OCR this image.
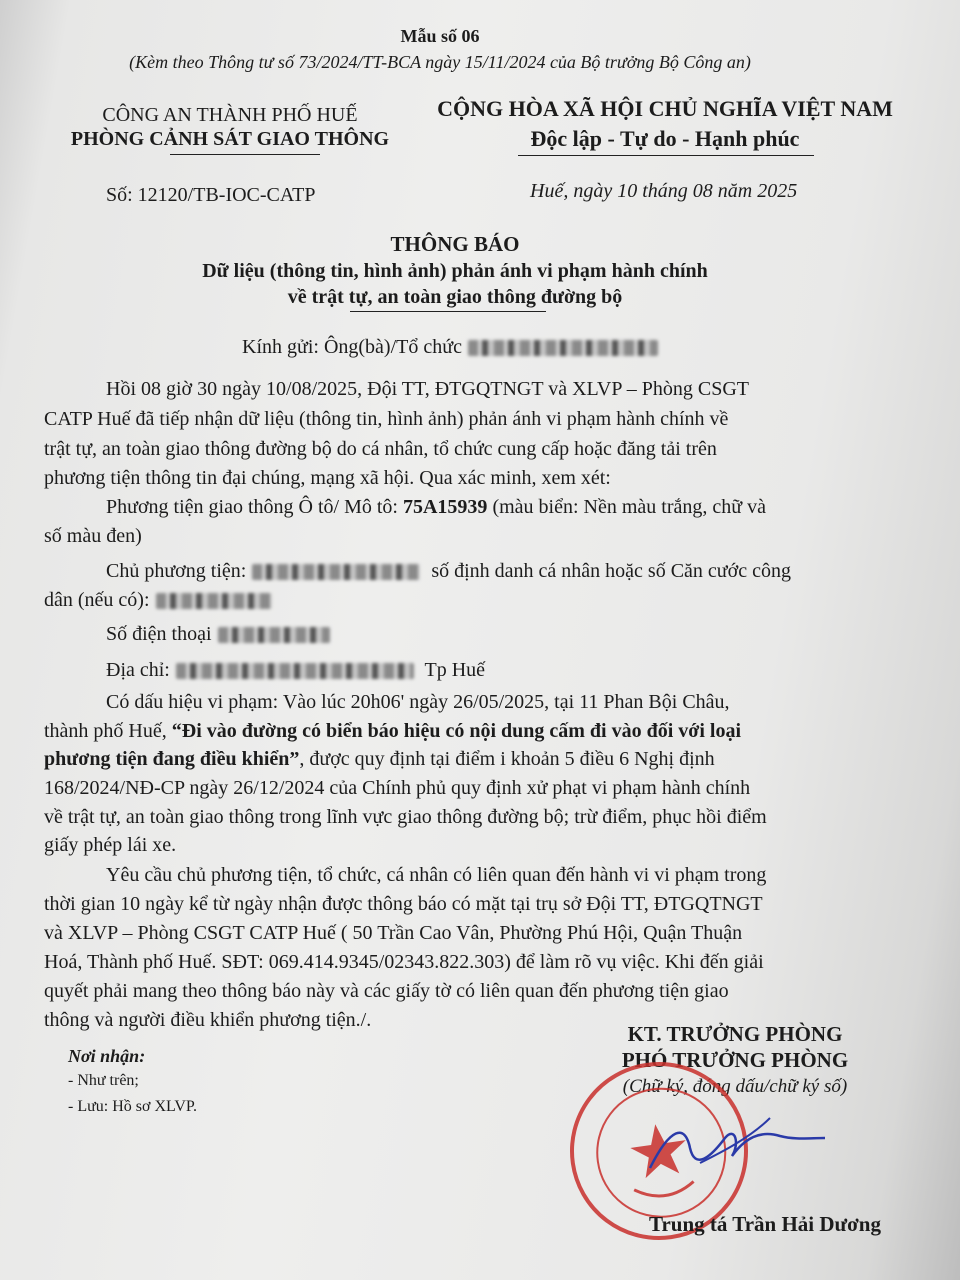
Mẫu số 06
(Kèm theo Thông tư số 73/2024/TT-BCA ngày 15/11/2024 của Bộ trưởng Bộ Công an)
CÔNG AN THÀNH PHỐ HUẾ
PHÒNG CẢNH SÁT GIAO THÔNG
CỘNG HÒA XÃ HỘI CHỦ NGHĨA VIỆT NAM
Độc lập - Tự do - Hạnh phúc
Số: 12120/TB-IOC-CATP	Huế, ngày 10 tháng 08 năm 2025
THÔNG BÁO
Dữ liệu (thông tin, hình ảnh) phản ánh vi phạm hành chính
về trật tự, an toàn giao thông đường bộ
Kính gửi: Ông(bà)/Tổ chức
Hồi 08 giờ 30 ngày 10/08/2025, Đội TT, ĐTGQTNGT và XLVP – Phòng CSGT
CATP Huế đã tiếp nhận dữ liệu (thông tin, hình ảnh) phản ánh vi phạm hành chính về
trật tự, an toàn giao thông đường bộ do cá nhân, tổ chức cung cấp hoặc đăng tải trên
phương tiện thông tin đại chúng, mạng xã hội. Qua xác minh, xem xét:
Phương tiện giao thông Ô tô/ Mô tô: 75A15939 (màu biển: Nền màu trắng, chữ và
số màu đen)
Chủ phương tiện:	số định danh cá nhân hoặc số Căn cước công
dân (nếu có):
Số điện thoại
Địa chỉ:	Tp Huế
Có dấu hiệu vi phạm: Vào lúc 20h06' ngày 26/05/2025, tại 11 Phan Bội Châu,
thành phố Huế, “Đi vào đường có biển báo hiệu có nội dung cấm đi vào đối với loại
phương tiện đang điều khiển”, được quy định tại điểm i khoản 5 điều 6 Nghị định
168/2024/NĐ-CP ngày 26/12/2024 của Chính phủ quy định xử phạt vi phạm hành chính
về trật tự, an toàn giao thông trong lĩnh vực giao thông đường bộ; trừ điểm, phục hồi điểm
giấy phép lái xe.
Yêu cầu chủ phương tiện, tổ chức, cá nhân có liên quan đến hành vi vi phạm trong
thời gian 10 ngày kể từ ngày nhận được thông báo có mặt tại trụ sở Đội TT, ĐTGQTNGT
và XLVP – Phòng CSGT CATP Huế ( 50 Trần Cao Vân, Phường Phú Hội, Quận Thuận
Hoá, Thành phố Huế. SĐT: 069.414.9345/02343.822.303) để làm rõ vụ việc. Khi đến giải
quyết phải mang theo thông báo này và các giấy tờ có liên quan đến phương tiện giao
thông và người điều khiển phương tiện./.
Nơi nhận:
- Như trên;
- Lưu: Hồ sơ XLVP.
KT. TRƯỞNG PHÒNG
PHÓ TRƯỞNG PHÒNG
(Chữ ký, đóng dấu/chữ ký số)
Trung tá Trần Hải Dương
